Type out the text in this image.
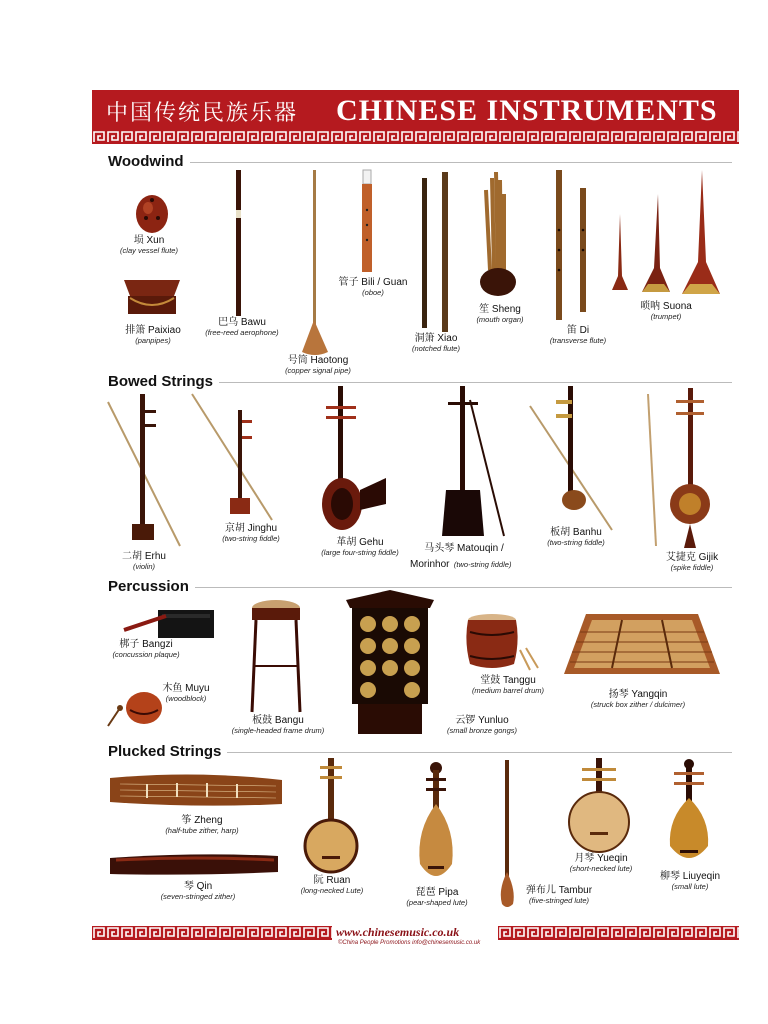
中国传统民族乐器 CHINESE INSTRUMENTS
Woodwind
埙 Xun
(clay vessel flute)
排箫 Paixiao
(panpipes)
巴乌 Bawu
(free-reed aerophone)
号筒 Haotong
(copper signal pipe)
管子 Bili / Guan
(oboe)
洞箫 Xiao
(notched flute)
笙 Sheng
(mouth organ)
笛 Di
(transverse flute)
唢呐 Suona
(trumpet)
Bowed Strings
二胡 Erhu
(violin)
京胡 Jinghu
(two-string fiddle)	革胡 Gehu
(large four-string fiddle)	马头琴 Matouqin /
Morinhor (two-string fiddle)
板胡 Banhu
(two-string fiddle)
艾捷克 Gijik
(spike fiddle)
Percussion
梆子 Bangzi
(concussion plaque)
木鱼 Muyu
(woodblock)
板鼓 Bangu
(single-headed frame drum)
云锣 Yunluo
(small bronze gongs)
堂鼓 Tanggu
(medium barrel drum)	扬琴 Yangqin
(struck box zither / dulcimer)
Plucked Strings
筝 Zheng
(half-tube zither, harp)
琴 Qin
(seven-stringed zither)
阮 Ruan
(long-necked Lute)	琵琶 Pipa
(pear-shaped lute)
弹布儿 Tambur
(five-stringed lute)
月琴 Yueqin
(short-necked lute)
柳琴 Liuyeqin
(small lute)
www.chinesemusic.co.uk
©China People Promotions info@chinesemusic.co.uk
